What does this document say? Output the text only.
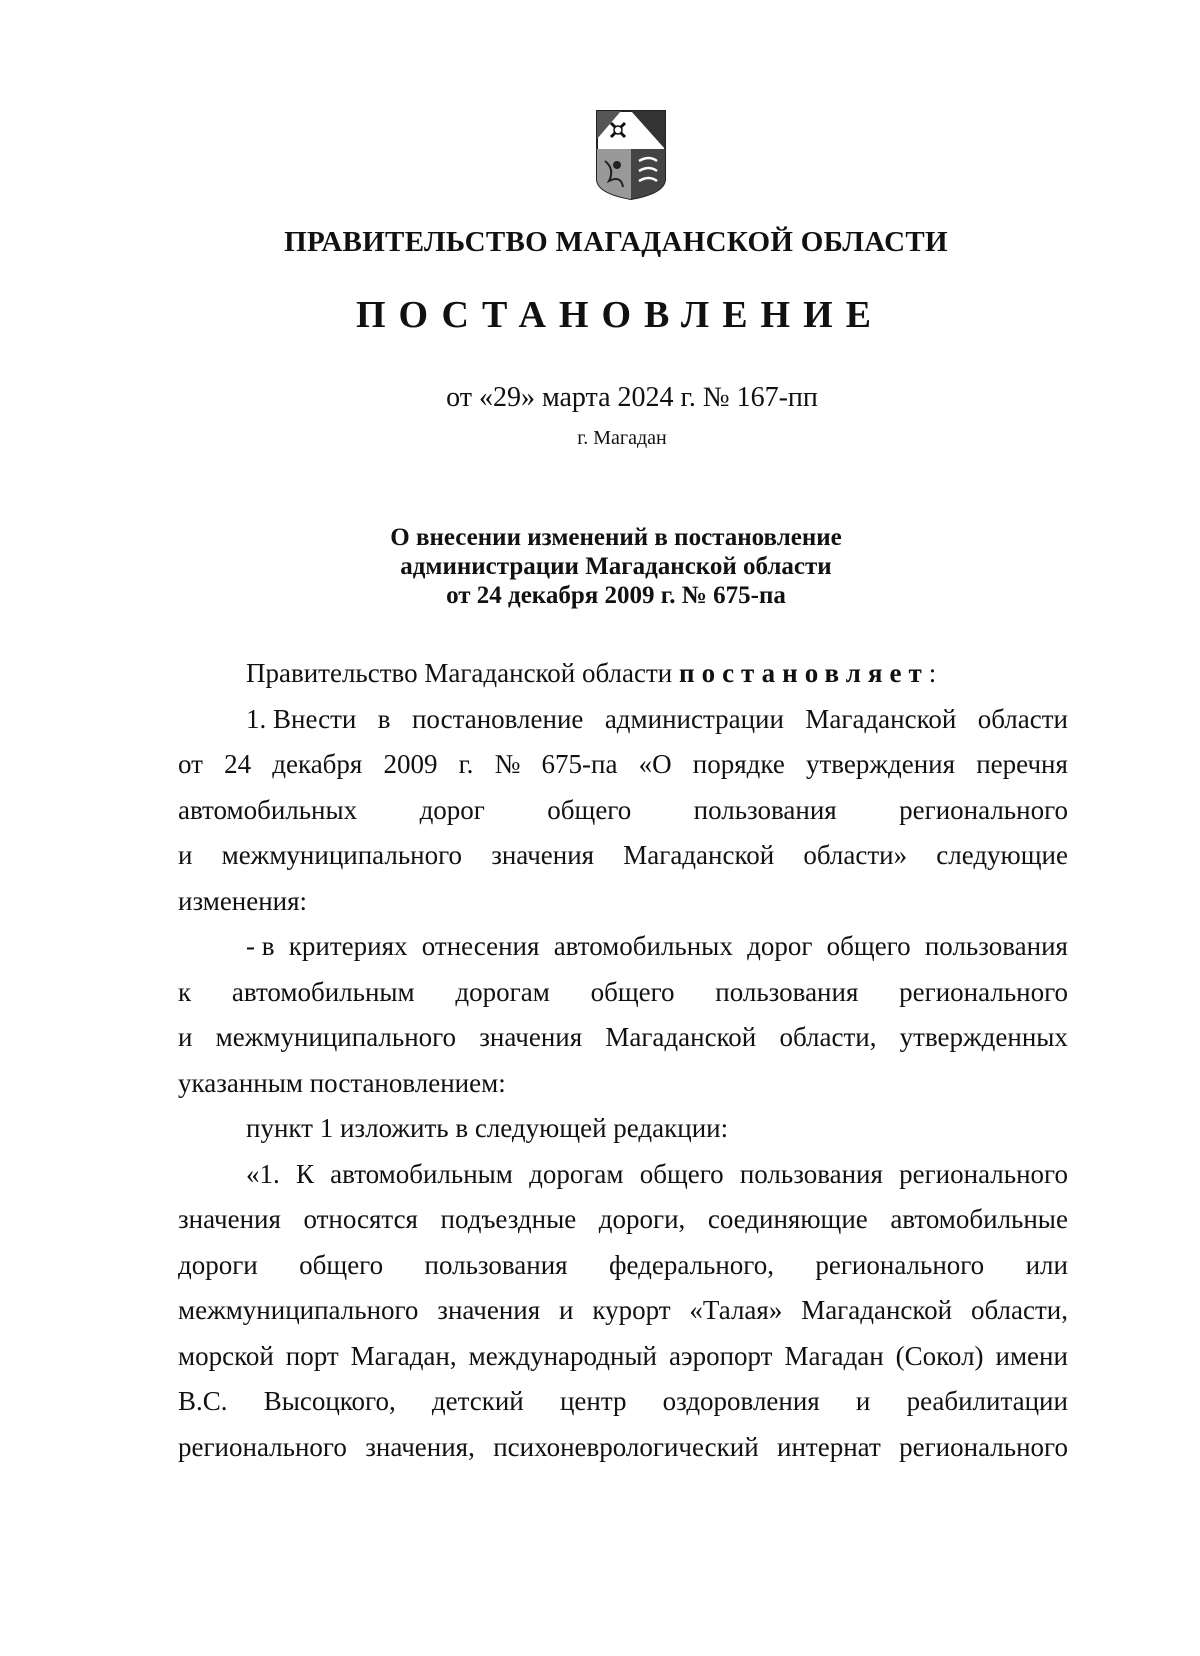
ПРАВИТЕЛЬСТВО МАГАДАНСКОЙ ОБЛАСТИ
ПОСТАНОВЛЕНИЕ
от «29» марта 2024 г. № 167-пп
г. Магадан
О внесении изменений в постановление
администрации Магаданской области
от 24 декабря 2009 г. № 675-па
Правительство Магаданской области постановляет:
1. Внести в постановление администрации Магаданской области
от 24 декабря 2009 г. № 675-па «О порядке утверждения перечня
автомобильных дорог общего пользования регионального
и межмуниципального значения Магаданской области» следующие
изменения:
- в критериях отнесения автомобильных дорог общего пользования
к автомобильным дорогам общего пользования регионального
и межмуниципального значения Магаданской области, утвержденных
указанным постановлением:
пункт 1 изложить в следующей редакции:
«1. К автомобильным дорогам общего пользования регионального
значения относятся подъездные дороги, соединяющие автомобильные
дороги общего пользования федерального, регионального или
межмуниципального значения и курорт «Талая» Магаданской области,
морской порт Магадан, международный аэропорт Магадан (Сокол) имени
В.С. Высоцкого, детский центр оздоровления и реабилитации
регионального значения, психоневрологический интернат регионального
